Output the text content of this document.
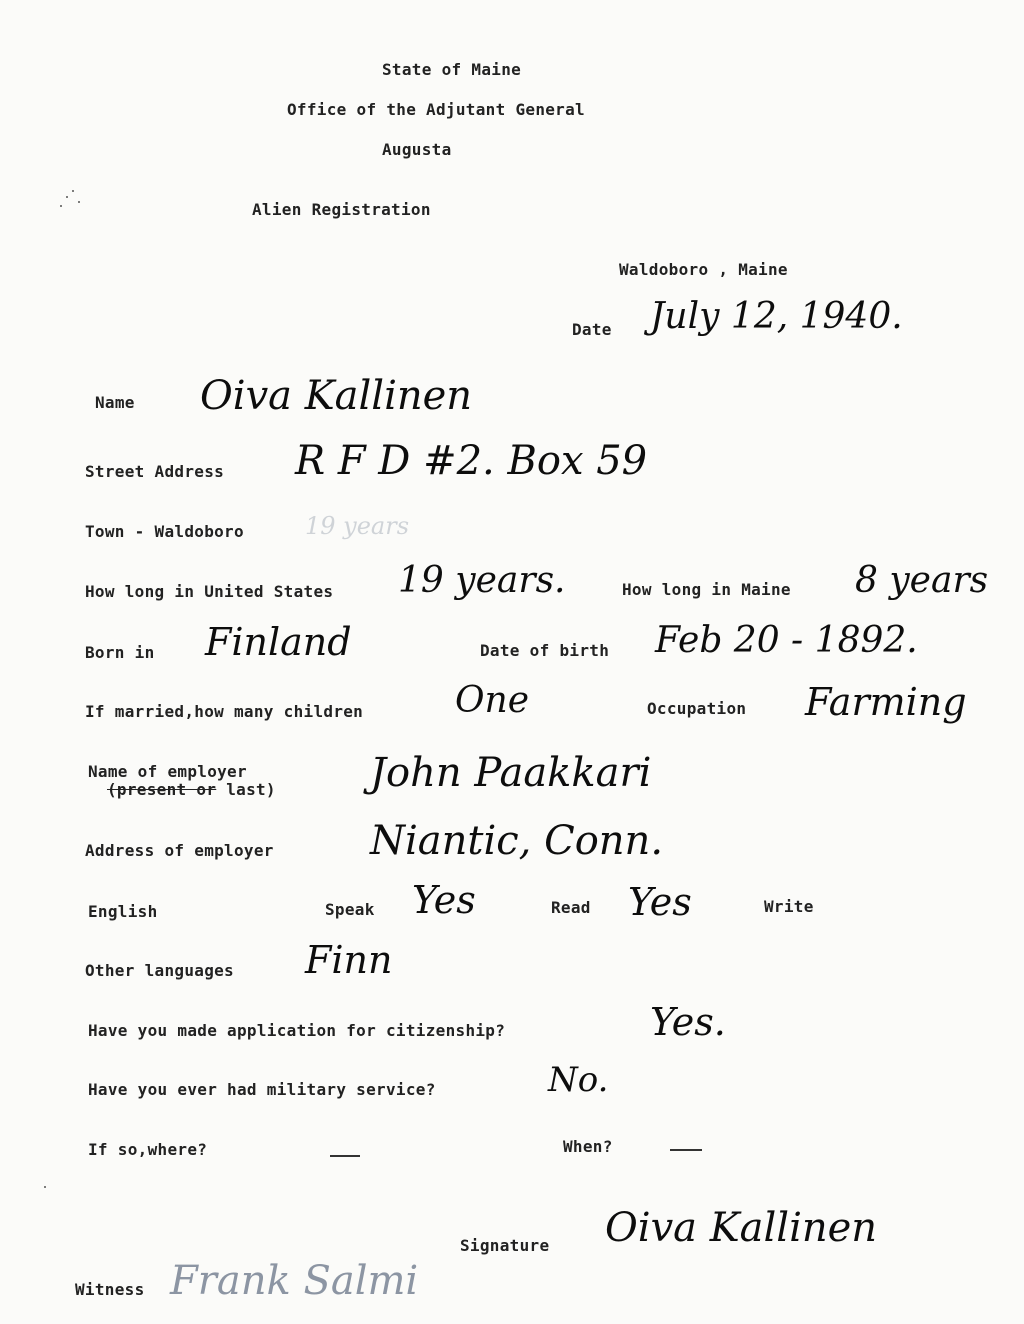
State of Maine
Office of the Adjutant General
Augusta
Alien Registration
Waldoboro , Maine
Date July 12, 1940.
Name Oiva Kallinen
Street Address R F D #2. Box 59
Town - Waldoboro	19 years
How long in United States 19 years.	How long in Maine 8 years
Born in Finland	Date of birth Feb 20 - 1892.
If married,how many children	One	Occupation Farming
Name of employer
(present or last) John Paakkari
Address of employer Niantic, Conn.
English	Speak Yes	Read Yes	Write
Other languages Finn
Have you made application for citizenship?	Yes.
Have you ever had military service?	No.
If so,where?	When?
Signature Oiva Kallinen
Witness Frank Salmi
